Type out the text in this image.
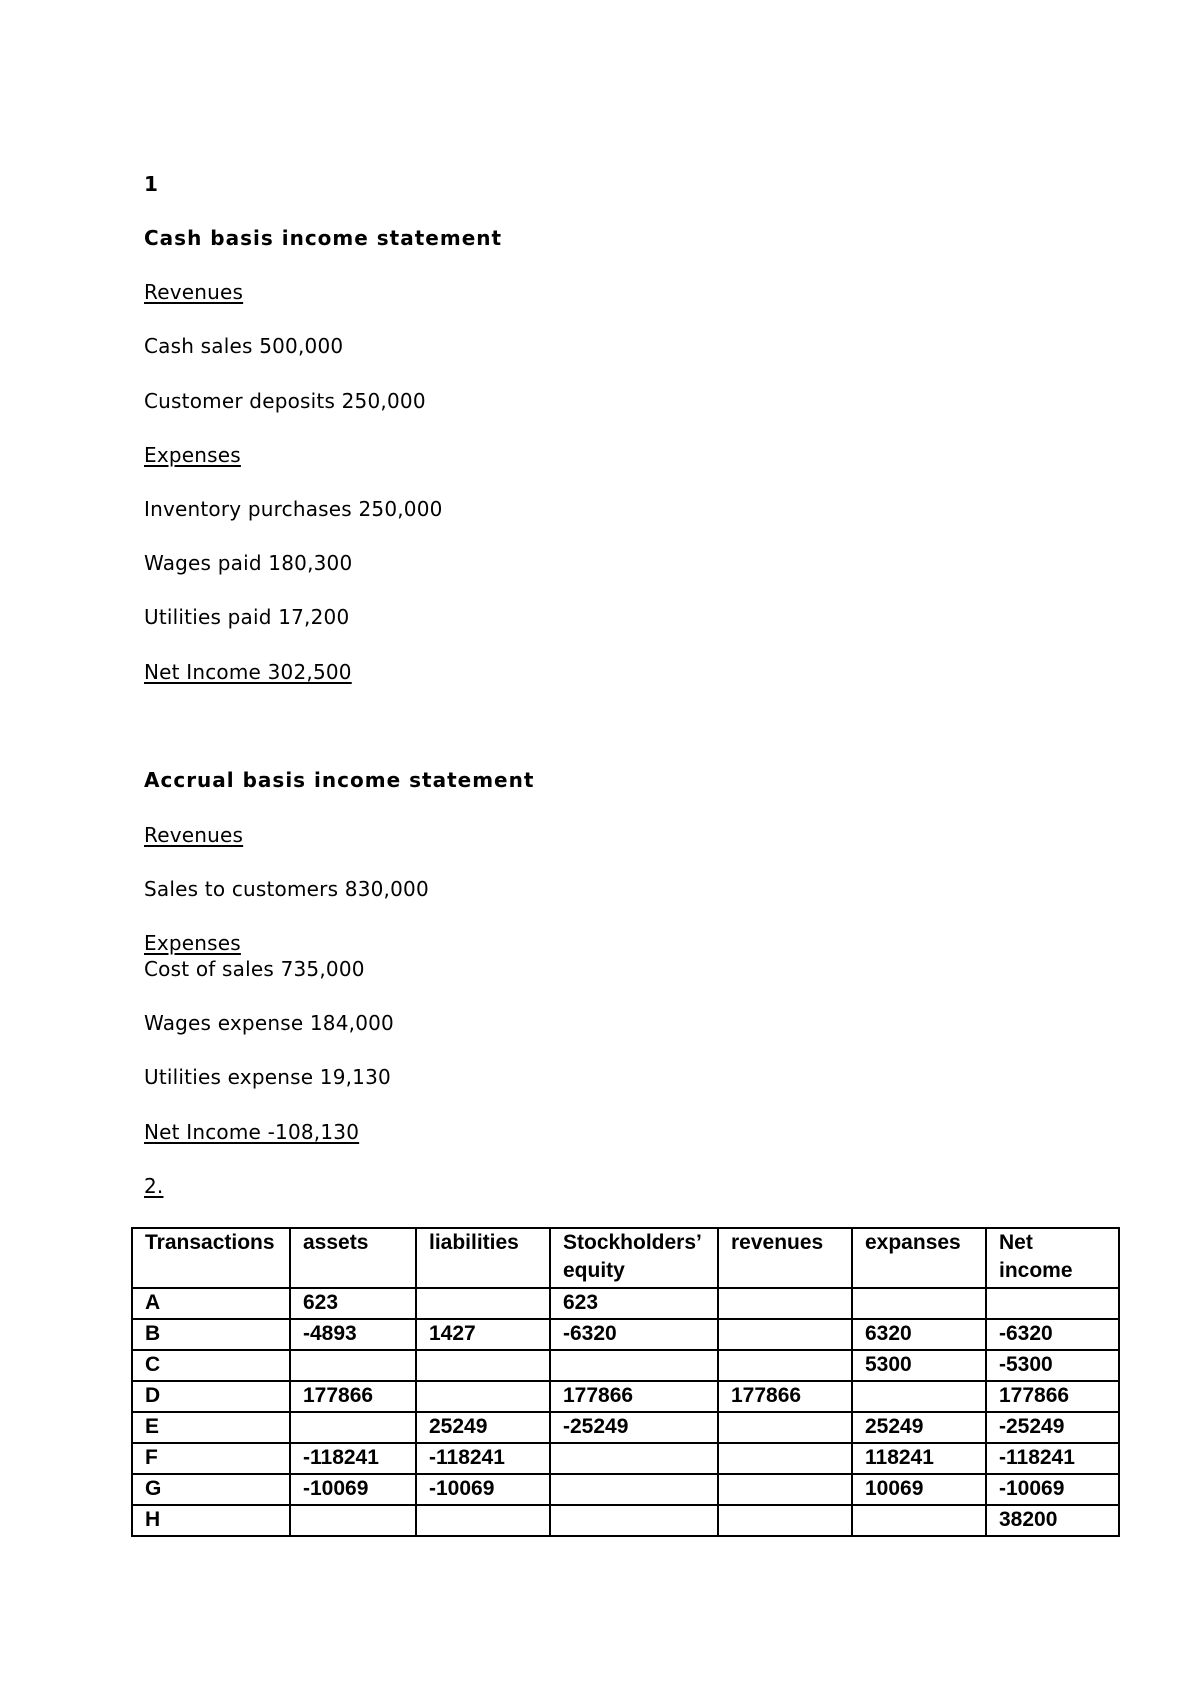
1
Cash basis income statement
Revenues
Cash sales 500,000
Customer deposits 250,000
Expenses
Inventory purchases 250,000
Wages paid 180,300
Utilities paid 17,200
Net Income 302,500
Accrual basis income statement
Revenues
Sales to customers 830,000
Expenses
Cost of sales 735,000
Wages expense 184,000
Utilities expense 19,130
Net Income -108,130
2.
Transactions	assets	liabilities	Stockholders’ equity	revenues	expanses	Net income
A	623		623			
B	-4893	1427	-6320		6320	-6320
C					5300	-5300
D	177866		177866	177866		177866
E		25249	-25249		25249	-25249
F	-118241	-118241			118241	-118241
G	-10069	-10069			10069	-10069
H						38200
